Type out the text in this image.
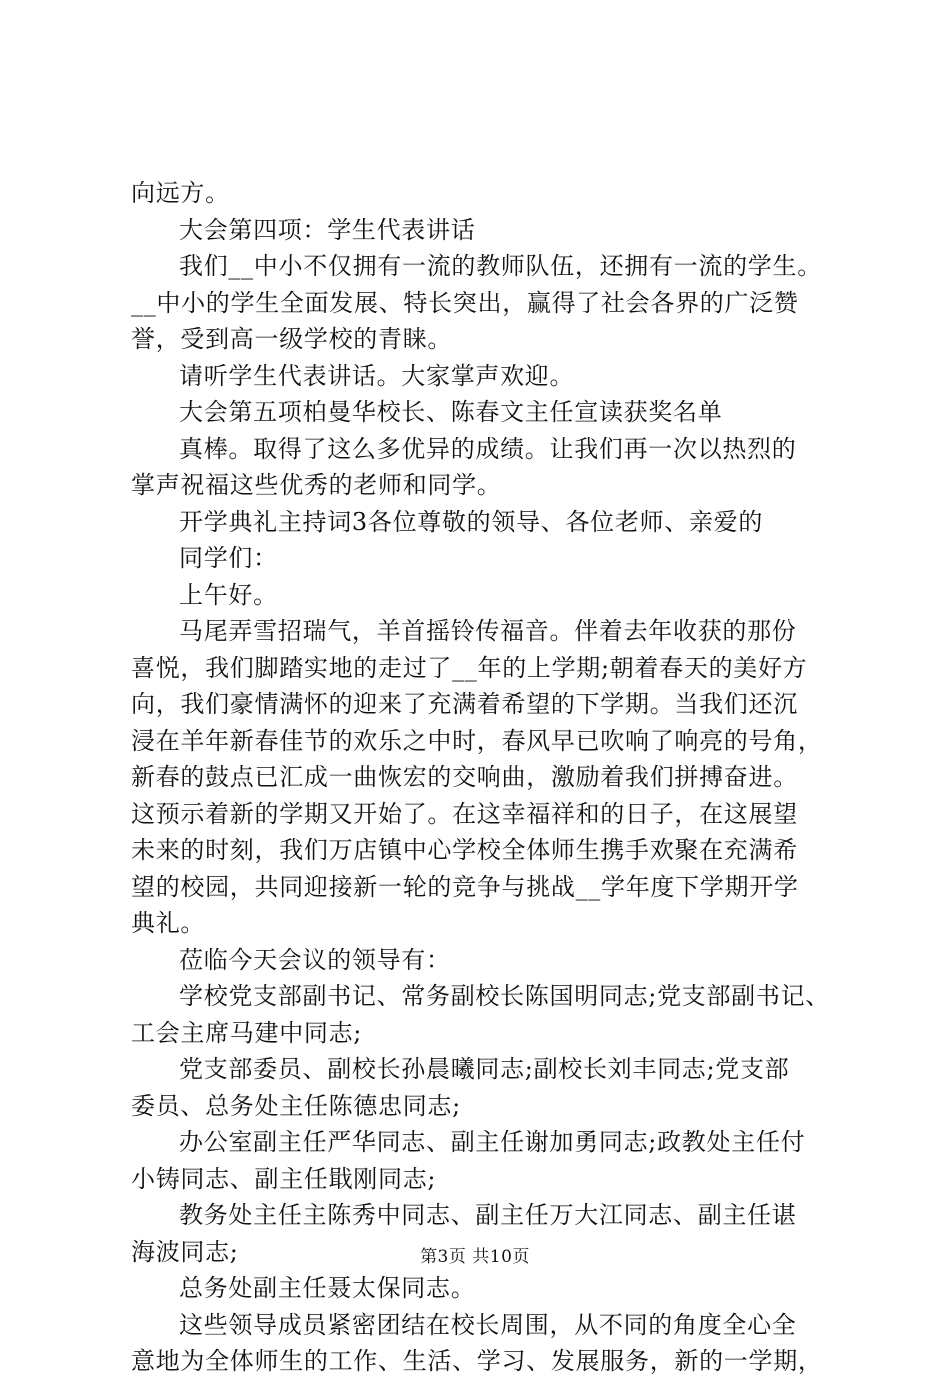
向远方。
大会第四项：学生代表讲话
我们__中小不仅拥有一流的教师队伍，还拥有一流的学生。
__中小的学生全面发展、特长突出，赢得了社会各界的广泛赞
誉，受到高一级学校的青睐。
请听学生代表讲话。大家掌声欢迎。
大会第五项柏曼华校长、陈春文主任宣读获奖名单
真棒。取得了这么多优异的成绩。让我们再一次以热烈的
掌声祝福这些优秀的老师和同学。
开学典礼主持词3各位尊敬的领导、各位老师、亲爱的
同学们：
上午好。
马尾弄雪招瑞气，羊首摇铃传福音。伴着去年收获的那份
喜悦，我们脚踏实地的走过了__年的上学期;朝着春天的美好方
向，我们豪情满怀的迎来了充满着希望的下学期。当我们还沉
浸在羊年新春佳节的欢乐之中时，春风早已吹响了响亮的号角，
新春的鼓点已汇成一曲恢宏的交响曲，激励着我们拼搏奋进。
这预示着新的学期又开始了。在这幸福祥和的日子，在这展望
未来的时刻，我们万店镇中心学校全体师生携手欢聚在充满希
望的校园，共同迎接新一轮的竞争与挑战__学年度下学期开学
典礼。
莅临今天会议的领导有：
学校党支部副书记、常务副校长陈国明同志;党支部副书记、
工会主席马建中同志;
党支部委员、副校长孙晨曦同志;副校长刘丰同志;党支部
委员、总务处主任陈德忠同志;
办公室副主任严华同志、副主任谢加勇同志;政教处主任付
小铸同志、副主任戢刚同志;
教务处主任主陈秀中同志、副主任万大江同志、副主任谌
海波同志;
总务处副主任聂太保同志。
这些领导成员紧密团结在校长周围，从不同的角度全心全
意地为全体师生的工作、生活、学习、发展服务，新的一学期，
第3页 共10页
